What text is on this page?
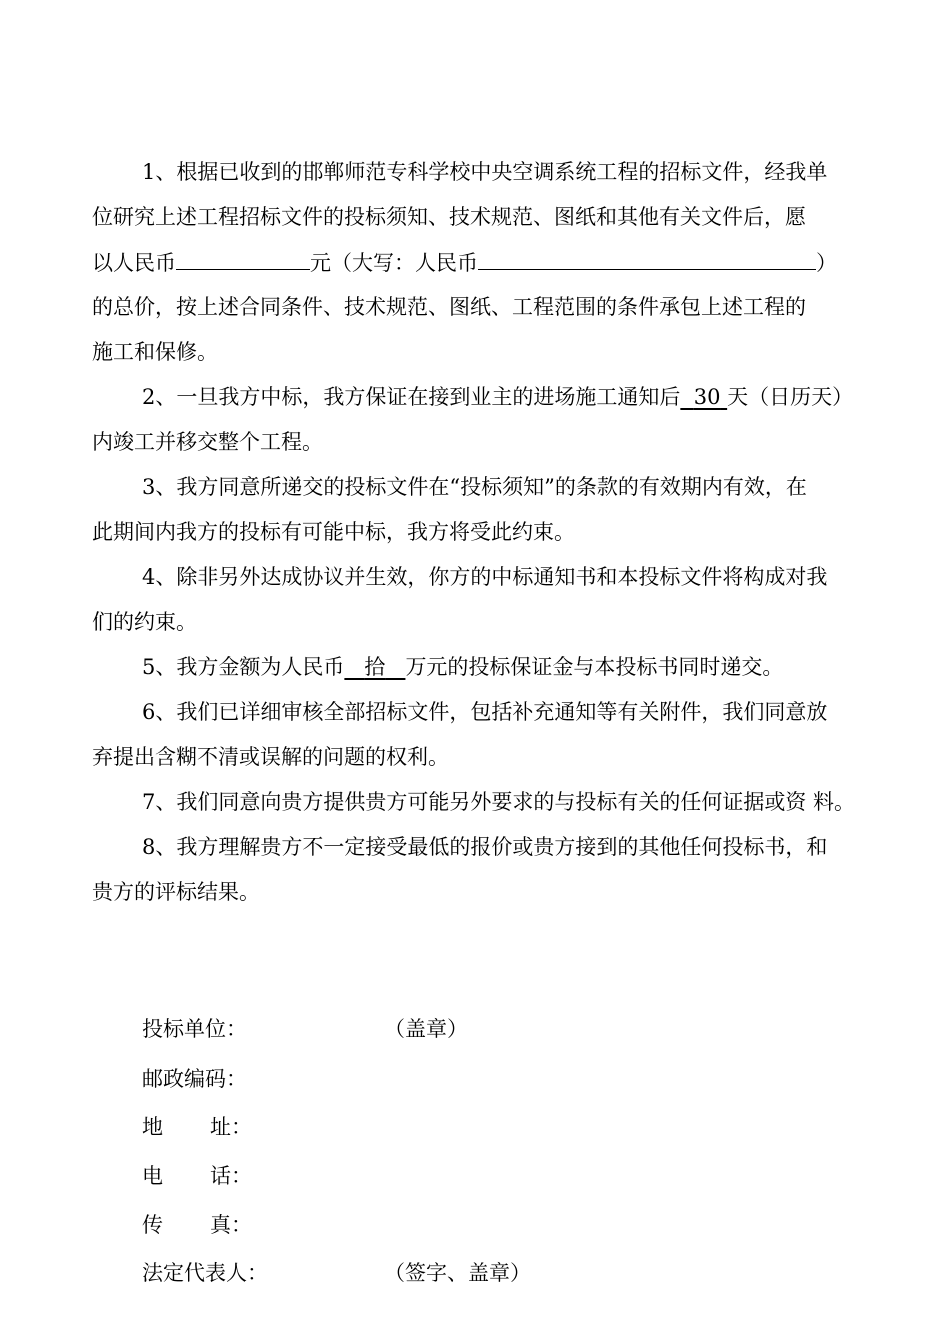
1、根据已收到的邯郸师范专科学校中央空调系统工程的招标文件，经我单
位研究上述工程招标文件的投标须知、技术规范、图纸和其他有关文件后，愿
以人民币	元（大写：人民币	）
的总价，按上述合同条件、技术规范、图纸、工程范围的条件承包上述工程的
施工和保修。
2、一旦我方中标，我方保证在接到业主的进场施工通知后 30 天（日历天）
内竣工并移交整个工程。
3、我方同意所递交的投标文件在“投标须知”的条款的有效期内有效，在
此期间内我方的投标有可能中标，我方将受此约束。
4、除非另外达成协议并生效，你方的中标通知书和本投标文件将构成对我
们的约束。
5、我方金额为人民币 拾 万元的投标保证金与本投标书同时递交。
6、我们已详细审核全部招标文件，包括补充通知等有关附件，我们同意放
弃提出含糊不清或误解的问题的权利。
7、我们同意向贵方提供贵方可能另外要求的与投标有关的任何证据或资 料。
8、我方理解贵方不一定接受最低的报价或贵方接到的其他任何投标书，和
贵方的评标结果。
投标单位：	（盖章）
邮政编码：
地 址：
电 话：
传 真：
法定代表人：	（签字、盖章）
